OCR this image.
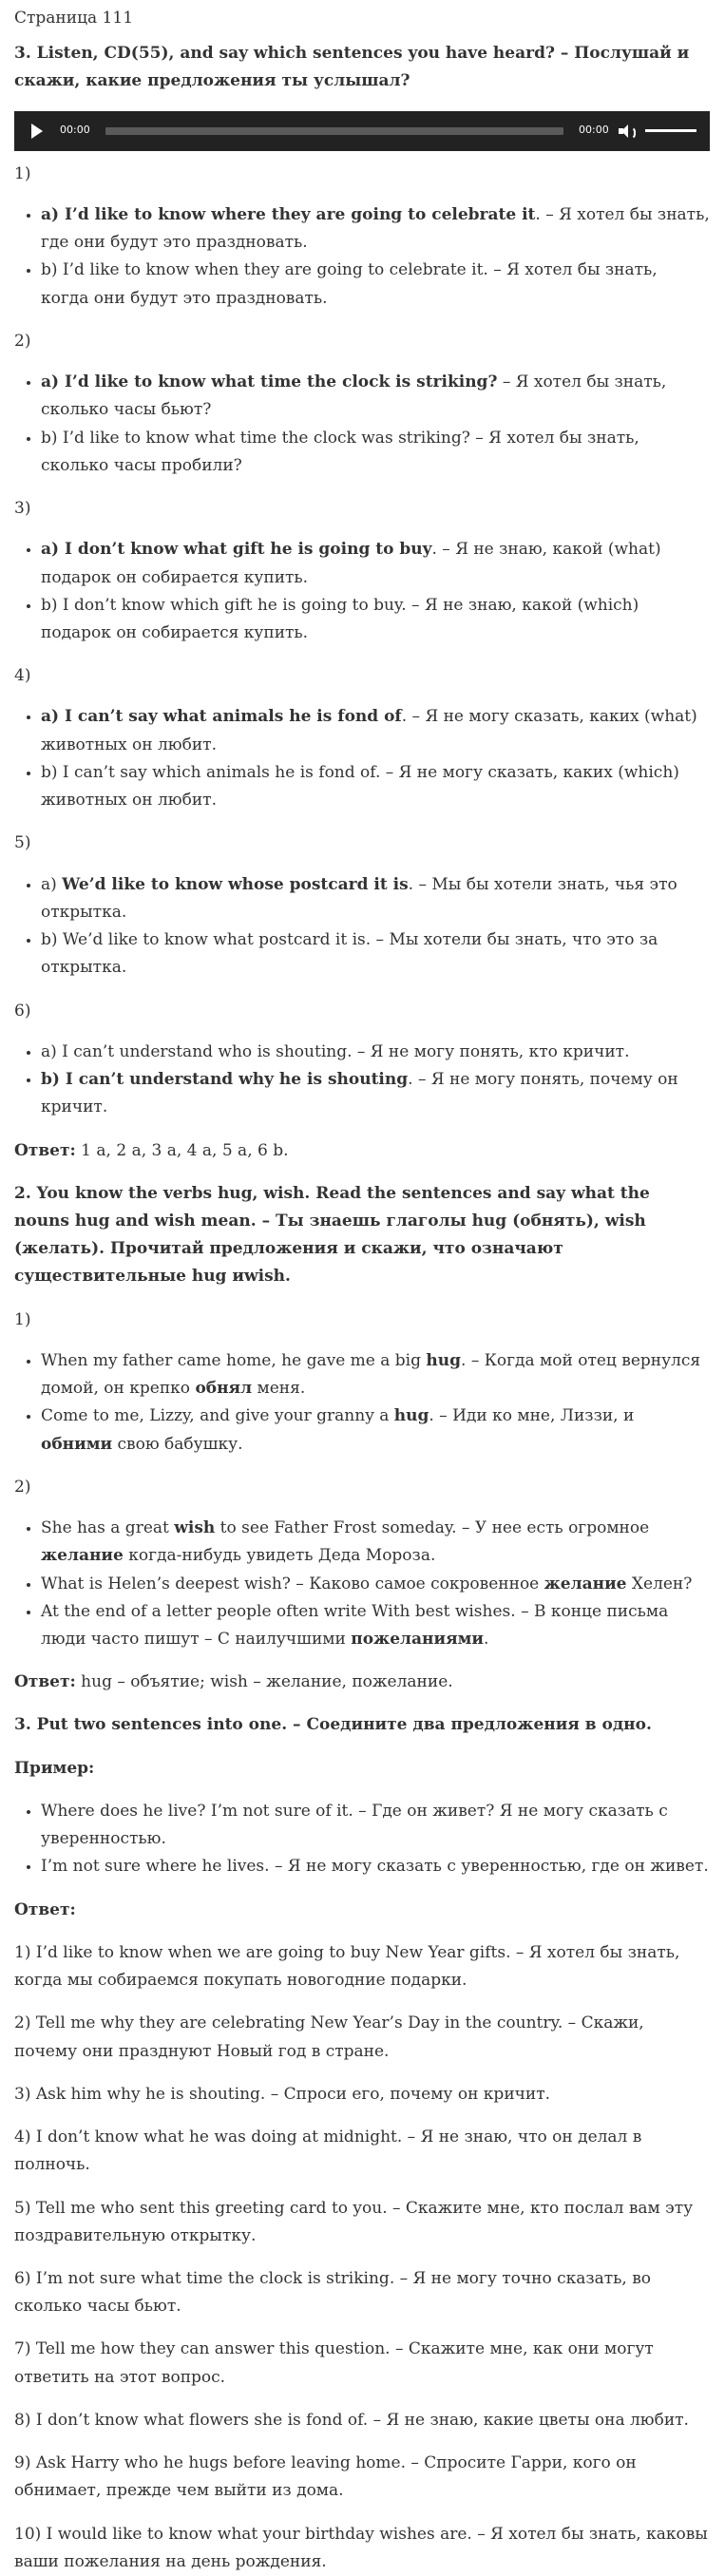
Страница 111
3. Listen, CD(55), and say which sentences you have heard? – Послушай и скажи, какие предложения ты услышал?
00:00	00:00

1)

• a) I’d like to know where they are going to celebrate it. – Я хотел бы знать, где они будут это праздновать.
• b) I’d like to know when they are going to celebrate it. – Я хотел бы знать, когда они будут это праздновать.

2)

• a) I’d like to know what time the clock is striking? – Я хотел бы знать, сколько часы бьют?
• b) I’d like to know what time the clock was striking? – Я хотел бы знать, сколько часы пробили?

3)

• a) I don’t know what gift he is going to buy. – Я не знаю, какой (what) подарок он собирается купить.
• b) I don’t know which gift he is going to buy. – Я не знаю, какой (which) подарок он собирается купить.

4)

• a) I can’t say what animals he is fond of. – Я не могу сказать, каких (what) животных он любит.
• b) I can’t say which animals he is fond of. – Я не могу сказать, каких (which) животных он любит.

5)

• a) We’d like to know whose postcard it is. – Мы бы хотели знать, чья это открытка.
• b) We’d like to know what postcard it is. – Мы хотели бы знать, что это за открытка.

6)

• a) I can’t understand who is shouting. – Я не могу понять, кто кричит.
• b) I can’t understand why he is shouting. – Я не могу понять, почему он кричит.

Ответ: 1 a, 2 a, 3 a, 4 a, 5 a, 6 b.

2. You know the verbs hug, wish. Read the sentences and say what the nouns hug and wish mean. – Ты знаешь глаголы hug (обнять), wish (желать). Прочитай предложения и скажи, что означают существительные hug иwish.

1)

• When my father came home, he gave me a big hug. – Когда мой отец вернулся домой, он крепко обнял меня.
• Come to me, Lizzy, and give your granny a hug. – Иди ко мне, Лиззи, и обними свою бабушку.

2)

• She has a great wish to see Father Frost someday. – У нее есть огромное желание когда-нибудь увидеть Деда Мороза.
• What is Helen’s deepest wish? – Каково самое сокровенное желание Хелен?
• At the end of a letter people often write With best wishes. – В конце письма люди часто пишут – С наилучшими пожеланиями.

Ответ: hug – объятие; wish – желание, пожелание.

3. Put two sentences into one. – Соедините два предложения в одно.

Пример:

• Where does he live? I’m not sure of it. – Где он живет? Я не могу сказать с уверенностью.
• I’m not sure where he lives. – Я не могу сказать с уверенностью, где он живет.

Ответ:

1) I’d like to know when we are going to buy New Year gifts. – Я хотел бы знать, когда мы собираемся покупать новогодние подарки.

2) Tell me why they are celebrating New Year’s Day in the country. – Скажи, почему они празднуют Новый год в стране.

3) Ask him why he is shouting. – Спроси его, почему он кричит.

4) I don’t know what he was doing at midnight. – Я не знаю, что он делал в полночь.

5) Tell me who sent this greeting card to you. – Скажите мне, кто послал вам эту поздравительную открытку.

6) I’m not sure what time the clock is striking. – Я не могу точно сказать, во сколько часы бьют.

7) Tell me how they can answer this question. – Скажите мне, как они могут ответить на этот вопрос.

8) I don’t know what flowers she is fond of. – Я не знаю, какие цветы она любит.

9) Ask Harry who he hugs before leaving home. – Спросите Гарри, кого он обнимает, прежде чем выйти из дома.

10) I would like to know what your birthday wishes are. – Я хотел бы знать, каковы ваши пожелания на день рождения.
